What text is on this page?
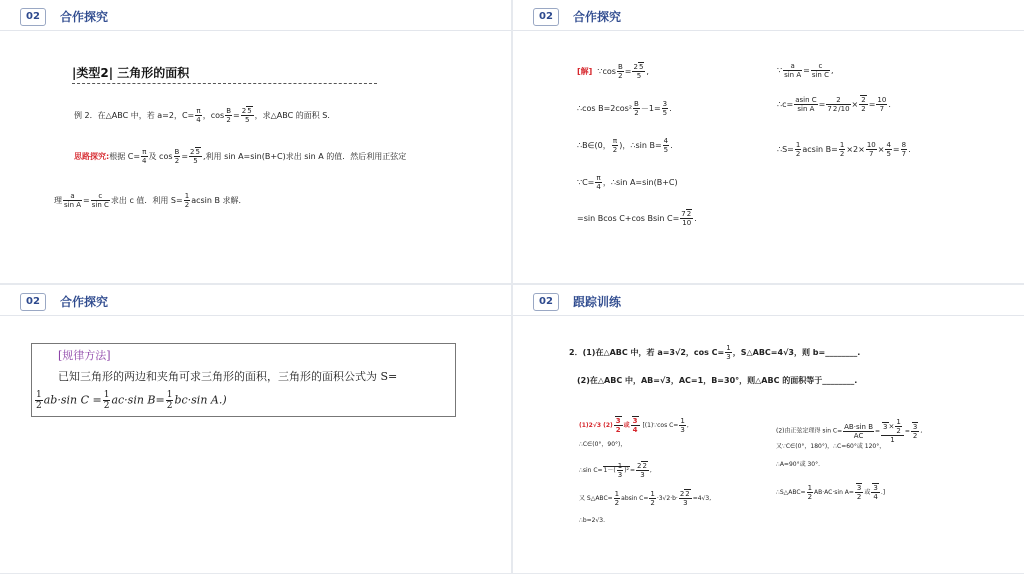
02	合作探究
|类型2| 三角形的面积
例 2．在△ABC 中，若 a=2，$C= \frac{\pi}{4}$ ，$\cos \frac{B}{2} = \frac{25}{5}$ ，求△ABC 的面积 S.
思路探究:根据 $C= \frac{\pi}{4}$ 及 $\cos \frac{B}{2} = \frac{25}{5}$ ,利用 sin A=sin(B+C)求出 sin A 的值．然后利用正弦定
理 $\frac{a}{\text{sin A}} = \frac{c}{\text{sin C}}$ 求出 c 值．利用 $S= \frac{1}{2}$ acsin B 求解．
02	合作探究
[解] ∵cos $\frac{B}{2} = \frac{25}{5}$ ,
∴cos $B=2\cos^2 \frac{B}{2} -1= \frac{3}{5}$ .
∴B∈(0， $\frac{\pi}{2}$ )，∴sin $B= \frac{4}{5}$ .
∵C= $\frac{\pi}{4}$ ，∴sin A=sin(B+C)
=sin Bcos C+cos Bsin $C= \frac{72}{10}$ .
∵ $\frac{a}{\text{sin A}} = \frac{c}{\text{sin C}}$ ,
∴c= $\frac{\text{asin C}}{\text{sin A}} = \frac{2}{72/10} \times \frac{2}{2} = \frac{10}{7}$ .
∴S= $\frac{1}{2}$ acsin $B= \frac{1}{2} \times 2\times \frac{10}{7} \times \frac{4}{5} = \frac{8}{7}$ .
02	合作探究
[规律方法]
已知三角形的两边和夹角可求三角形的面积，三角形的面积公式为 S=
$\frac{1}{2} ab\cdot\sin$ $C = \frac{1}{2} ac\cdot\sin$ $B= \frac{1}{2} bc\cdot\sin$ A.)
02	跟踪训练
2．(1)在△ABC 中，若 a=3√2，$\cos C= \frac{1}{3}$ ，S△ABC=4√3，则 b=________.
(2)在△ABC 中，AB=√3，AC=1，B=30°，则△ABC 的面积等于________.
(1)2√3 $(2) \frac{3}{2}$ 或 $\frac{3}{4}$ [(1)∵cos $C= \frac{1}{3}$ ,
∴C∈(0°，90°)，
∴sin $C=1-( \frac{1}{3} )^2= \frac{22}{3}$ ,
又 S△ABC= $\frac{1}{2}$ absin $C= \frac{1}{2} \cdot 3√2\cdot b\cdot \frac{22}{3} =4√3$,
∴b=2√3.
(2)由正弦定理得 $\sin C= \frac{\text{AB·sin B}}{AC} = \frac{3\times \frac{1}{2}}{1} = \frac{3}{2}$ ,
又∵C∈(0°，180°)，∴C=60°或 120°，
∴A=90°或 30°．
∴S△ABC= $\frac{1}{2} AB\cdot AC\cdot\sin$ $A= \frac{3}{2}$ 或 $\frac{3}{4}$ .]
